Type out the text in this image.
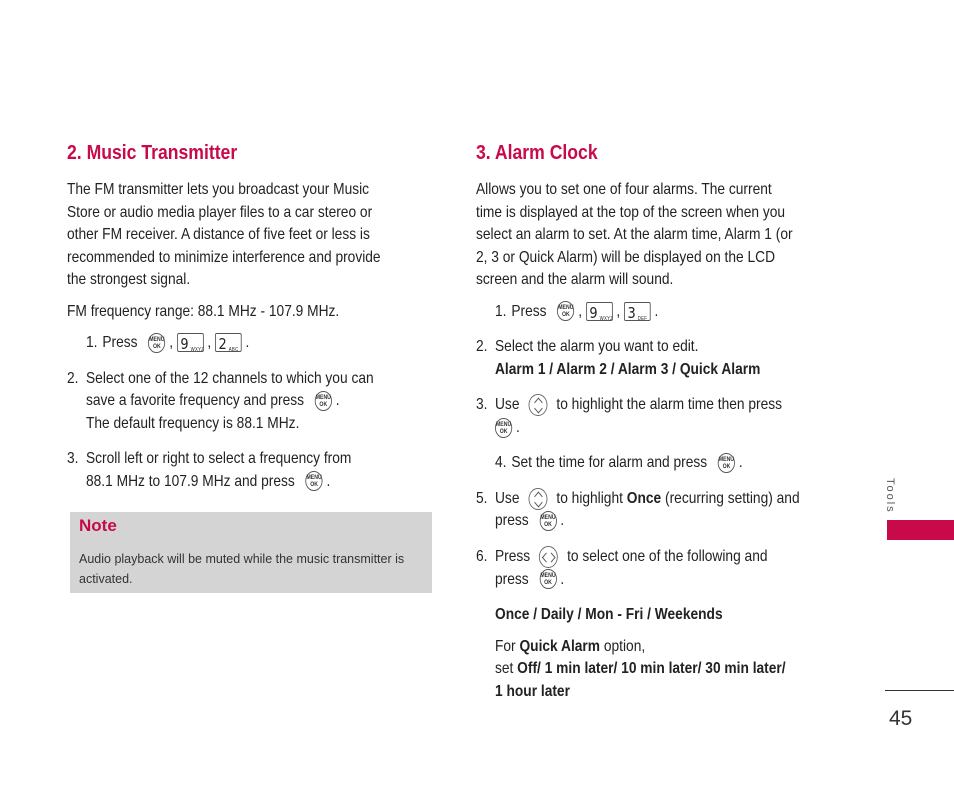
2. Music Transmitter
The FM transmitter lets you broadcast your Music
Store or audio media player files to a car stereo or
other FM receiver. A distance of five feet or less is
recommended to minimize interference and provide
the strongest signal.
FM frequency range: 88.1 MHz - 107.9 MHz.
1. Press MENU
OK , 9 WXYZ , 2 ABC .
2. Select one of the 12 channels to which you can
save a favorite frequency and press MENU
OK .
The default frequency is 88.1 MHz.
3. Scroll left or right to select a frequency from
88.1 MHz to 107.9 MHz and press MENU
OK .
Note
Audio playback will be muted while the music transmitter is activated.
3. Alarm Clock
Allows you to set one of four alarms. The current
time is displayed at the top of the screen when you
select an alarm to set. At the alarm time, Alarm 1 (or
2, 3 or Quick Alarm) will be displayed on the LCD
screen and the alarm will sound.
1. Press MENU
OK , 9 WXYZ , 3 DEF .
2. Select the alarm you want to edit.
Alarm 1 / Alarm 2 / Alarm 3 / Quick Alarm
3. Use to highlight the alarm time then press
MENU
OK .
4. Set the time for alarm and press MENU
OK .
5. Use to highlight Once (recurring setting) and
press MENU
OK .
6. Press to select one of the following and
press MENU
OK .
Once / Daily / Mon - Fri / Weekends
For Quick Alarm option,
set Off/ 1 min later/ 10 min later/ 30 min later/
1 hour later
Tools
45
